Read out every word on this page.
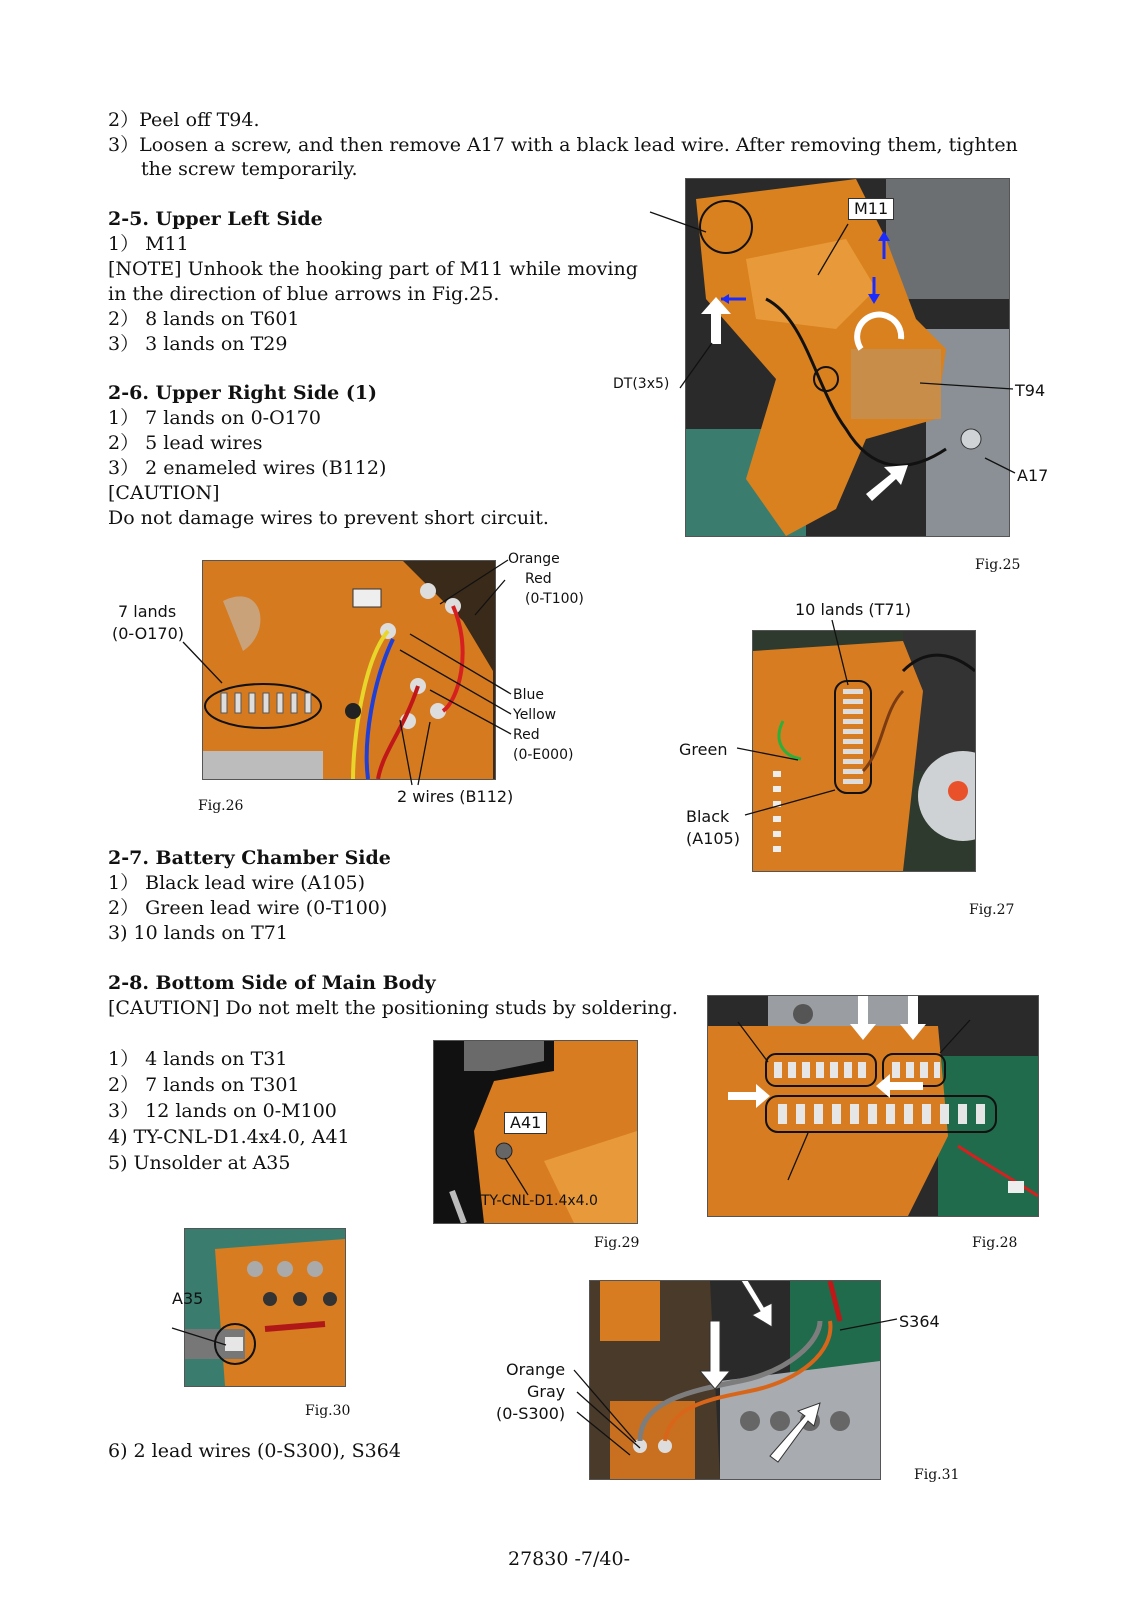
2）Peel off T94.
3）Loosen a screw, and then remove A17 with a black lead wire. After removing them, tighten
the screw temporarily.
2-5. Upper Left Side
1） M11
[NOTE] Unhook the hooking part of M11 while moving
in the direction of blue arrows in Fig.25.
2） 8 lands on T601
3） 3 lands on T29
2-6. Upper Right Side (1)
1） 7 lands on 0-O170
2） 5 lead wires
3） 2 enameled wires (B112)
[CAUTION]
Do not damage wires to prevent short circuit.
M11
DT(3x5)	T94
A17
Fig.25
7 lands
(0-O170)
Orange
Red
(0-T100)
Blue
Yellow
Red
(0-E000)
2 wires (B112)
Fig.26
10 lands (T71)
Green
Black
(A105)
Fig.27
2-7. Battery Chamber Side
1） Black lead wire (A105)
2） Green lead wire (0-T100)
3) 10 lands on T71
2-8. Bottom Side of Main Body
[CAUTION] Do not melt the positioning studs by soldering.
1） 4 lands on T31
2） 7 lands on T301
3） 12 lands on 0-M100
4) TY-CNL-D1.4x4.0, A41
5) Unsolder at A35
Fig.28
A41
TY-CNL-D1.4x4.0
Fig.29
A35
Fig.30
S364
Orange
Gray
(0-S300)
Fig.31
6) 2 lead wires (0-S300), S364
27830 -7/40-
